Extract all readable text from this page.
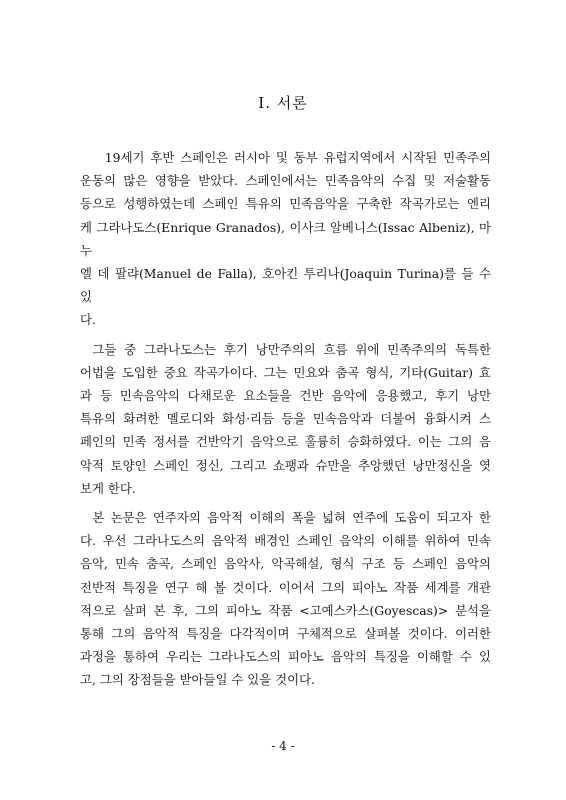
Ⅰ. 서론
19세기 후반 스페인은 러시아 및 동부 유럽지역에서 시작된 민족주의
운동의 많은 영향을 받았다. 스페인에서는 민족음악의 수집 및 저술활동
등으로 성행하였는데 스페인 특유의 민족음악을 구축한 작곡가로는 엔리
케 그라나도스(Enrique Granados), 이사크 알베니스(Issac Albeniz), 마누
엘 데 팔랴(Manuel de Falla), 호아킨 투리나(Joaquin Turina)를 들 수 있
다.
그들 중 그라나도스는 후기 낭만주의의 흐름 위에 민족주의의 독특한
어법을 도입한 중요 작곡가이다. 그는 민요와 춤곡 형식, 기타(Guitar) 효
과 등 민속음악의 다채로운 요소들을 건반 음악에 응용했고, 후기 낭만
특유의 화려한 멜로디와 화성·리듬 등을 민속음악과 더불어 융화시켜 스
페인의 민족 정서를 건반악기 음악으로 훌륭히 승화하였다. 이는 그의 음
악적 토양인 스페인 정신, 그리고 쇼팽과 슈만을 추앙했던 낭만정신을 엿
보게 한다.
본 논문은 연주자의 음악적 이해의 폭을 넓혀 연주에 도움이 되고자 한
다. 우선 그라나도스의 음악적 배경인 스페인 음악의 이해를 위하여 민속
음악, 민속 춤곡, 스페인 음악사, 악곡해설, 형식 구조 등 스페인 음악의
전반적 특징을 연구 해 볼 것이다. 이어서 그의 피아노 작품 세계를 개관
적으로 살펴 본 후, 그의 피아노 작품 <고예스카스(Goyescas)> 분석을
통해 그의 음악적 특징을 다각적이며 구체적으로 살펴볼 것이다. 이러한
과정을 통하여 우리는 그라나도스의 피아노 음악의 특징을 이해할 수 있
고, 그의 장점들을 받아들일 수 있을 것이다.
- 4 -
